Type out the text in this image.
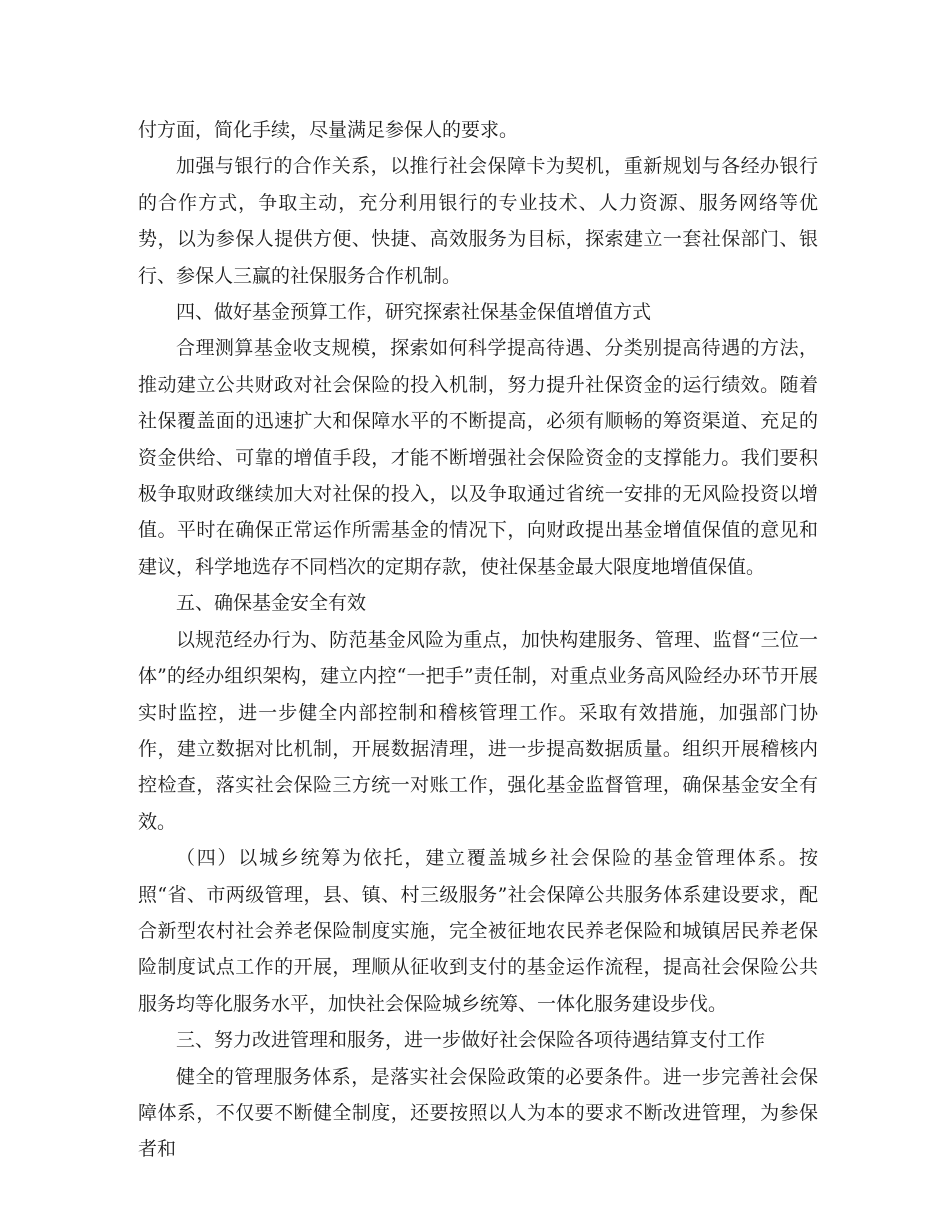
付方面，简化手续，尽量满足参保人的要求。

加强与银行的合作关系，以推行社会保障卡为契机，重新规划与各经办银行的合作方式，争取主动，充分利用银行的专业技术、人力资源、服务网络等优势，以为参保人提供方便、快捷、高效服务为目标，探索建立一套社保部门、银行、参保人三赢的社保服务合作机制。

四、做好基金预算工作，研究探索社保基金保值增值方式

合理测算基金收支规模，探索如何科学提高待遇、分类别提高待遇的方法，推动建立公共财政对社会保险的投入机制，努力提升社保资金的运行绩效。随着社保覆盖面的迅速扩大和保障水平的不断提高，必须有顺畅的筹资渠道、充足的资金供给、可靠的增值手段，才能不断增强社会保险资金的支撑能力。我们要积极争取财政继续加大对社保的投入，以及争取通过省统一安排的无风险投资以增值。平时在确保正常运作所需基金的情况下，向财政提出基金增值保值的意见和建议，科学地选存不同档次的定期存款，使社保基金最大限度地增值保值。

五、确保基金安全有效

以规范经办行为、防范基金风险为重点，加快构建服务、管理、监督“三位一体”的经办组织架构，建立内控“一把手”责任制，对重点业务高风险经办环节开展实时监控，进一步健全内部控制和稽核管理工作。采取有效措施，加强部门协作，建立数据对比机制，开展数据清理，进一步提高数据质量。组织开展稽核内控检查，落实社会保险三方统一对账工作，强化基金监督管理，确保基金安全有效。

（四）以城乡统筹为依托，建立覆盖城乡社会保险的基金管理体系。按照“省、市两级管理，县、镇、村三级服务”社会保障公共服务体系建设要求，配合新型农村社会养老保险制度实施，完全被征地农民养老保险和城镇居民养老保险制度试点工作的开展，理顺从征收到支付的基金运作流程，提高社会保险公共服务均等化服务水平，加快社会保险城乡统筹、一体化服务建设步伐。

三、努力改进管理和服务，进一步做好社会保险各项待遇结算支付工作

健全的管理服务体系，是落实社会保险政策的必要条件。进一步完善社会保障体系，不仅要不断健全制度，还要按照以人为本的要求不断改进管理，为参保者和
